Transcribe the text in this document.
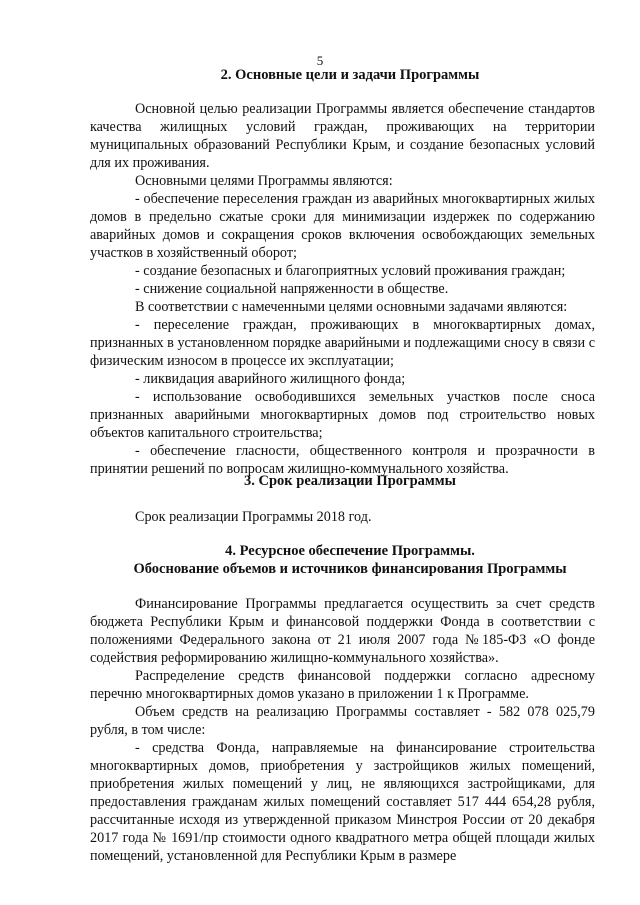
5
2. Основные цели и задачи Программы

Основной целью реализации Программы является обеспечение стандартов качества жилищных условий граждан, проживающих на территории муниципальных образований Республики Крым, и создание безопасных условий для их проживания.

Основными целями Программы являются:

- обеспечение переселения граждан из аварийных многоквартирных жилых домов в предельно сжатые сроки для минимизации издержек по содержанию аварийных домов и сокращения сроков включения освобождающих земельных участков в хозяйственный оборот;

- создание безопасных и благоприятных условий проживания граждан;

- снижение социальной напряженности в обществе.

В соответствии с намеченными целями основными задачами являются:

- переселение граждан, проживающих в многоквартирных домах, признанных в установленном порядке аварийными и подлежащими сносу в связи с физическим износом в процессе их эксплуатации;

- ликвидация аварийного жилищного фонда;

- использование освободившихся земельных участков после сноса признанных аварийными многоквартирных домов под строительство новых объектов капитального строительства;

- обеспечение гласности, общественного контроля и прозрачности в принятии решений по вопросам жилищно-коммунального хозяйства.

3. Срок реализации Программы

Срок реализации Программы 2018 год.

4. Ресурсное обеспечение Программы.
Обоснование объемов и источников финансирования Программы

Финансирование Программы предлагается осуществить за счет средств бюджета Республики Крым и финансовой поддержки Фонда в соответствии с положениями Федерального закона от 21 июля 2007 года №185-ФЗ «О фонде содействия реформированию жилищно-коммунального хозяйства».

Распределение средств финансовой поддержки согласно адресному перечню многоквартирных домов указано в приложении 1 к Программе.

Объем средств на реализацию Программы составляет - 582 078 025,79 рубля, в том числе:

- средства Фонда, направляемые на финансирование строительства многоквартирных домов, приобретения у застройщиков жилых помещений, приобретения жилых помещений у лиц, не являющихся застройщиками, для предоставления гражданам жилых помещений составляет 517 444 654,28 рубля, рассчитанные исходя из утвержденной приказом Минстроя России от 20 декабря 2017 года № 1691/пр стоимости одного квадратного метра общей площади жилых помещений, установленной для Республики Крым в размере
